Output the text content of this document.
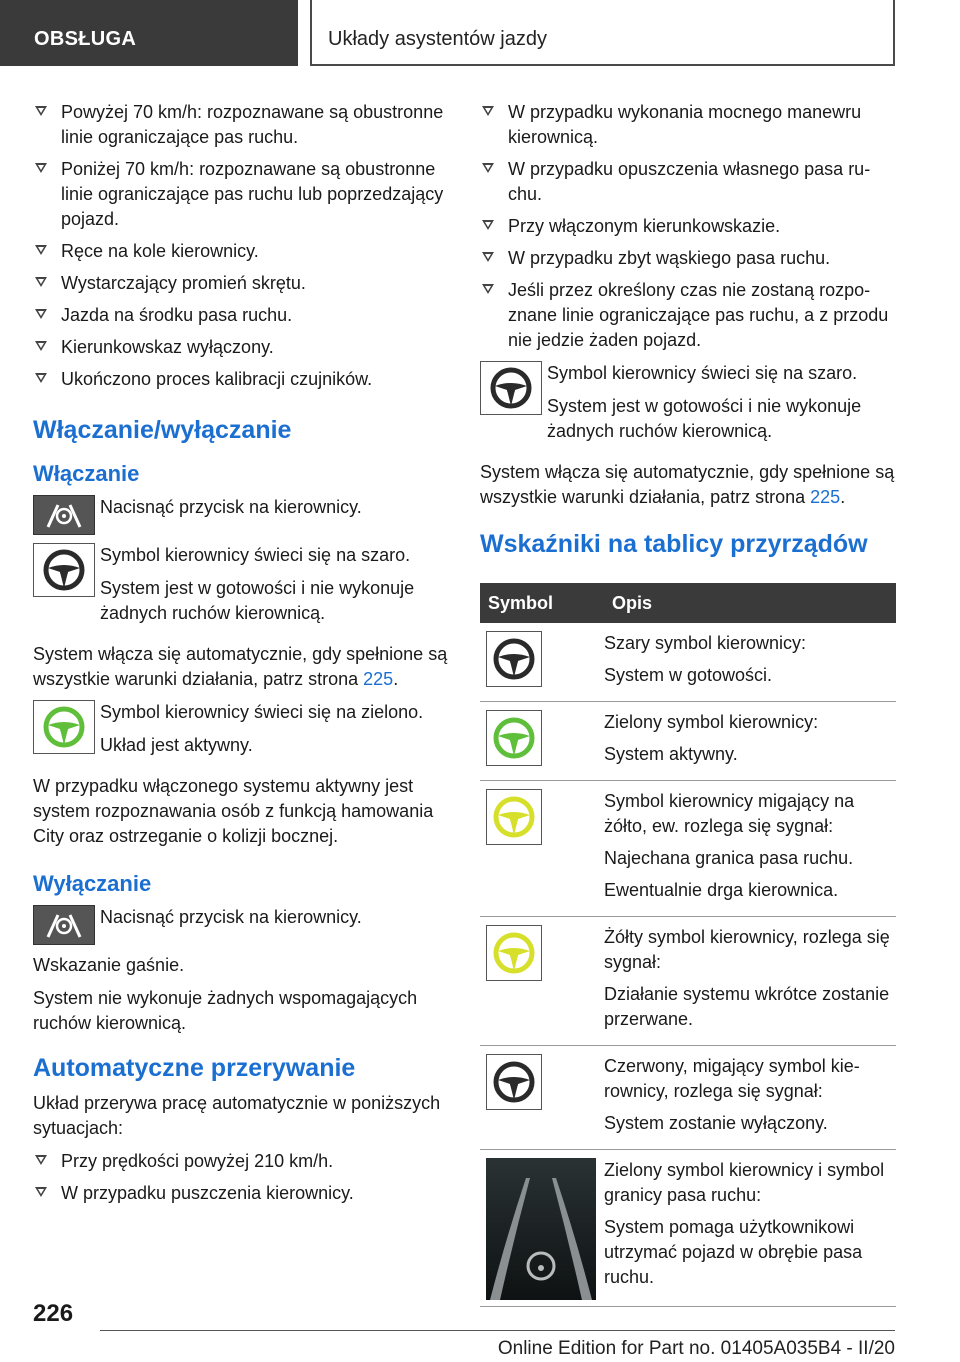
OBSŁUGA	Układy asystentów jazdy
Powyżej 70 km/h: rozpoznawane są obustronne linie ograniczające pas ruchu.
Poniżej 70 km/h: rozpoznawane są obustronne linie ograniczające pas ruchu lub poprzedzający pojazd.
Ręce na kole kierownicy.
Wystarczający promień skrętu.
Jazda na środku pasa ruchu.
Kierunkowskaz wyłączony.
Ukończono proces kalibracji czujników.
Włączanie/wyłączanie
Włączanie

Nacisnąć przycisk na kierownicy.

Symbol kierownicy świeci się na szaro.

System jest w gotowości i nie wykonuje żadnych ruchów kierownicą.

System włącza się automatycznie, gdy spełnione są wszystkie warunki działania, patrz strona 225.

Symbol kierownicy świeci się na zielono.

Układ jest aktywny.

W przypadku włączonego systemu aktywny jest system rozpoznawania osób z funkcją hamowania City oraz ostrzeganie o kolizji bocznej.

Wyłączanie

Nacisnąć przycisk na kierownicy.

Wskazanie gaśnie.

System nie wykonuje żadnych wspomagających ruchów kierownicą.

Automatyczne przerywanie

Układ przerywa pracę automatycznie w poniższych sytuacjach:

Przy prędkości powyżej 210 km/h.
W przypadku puszczenia kierownicy.
W przypadku wykonania mocnego manewru kierownicą.
W przypadku opuszczenia własnego pasa ruchu.
Przy włączonym kierunkowskazie.
W przypadku zbyt wąskiego pasa ruchu.
Jeśli przez określony czas nie zostaną rozpoznane linie ograniczające pas ruchu, a z przodu nie jedzie żaden pojazd.

Symbol kierownicy świeci się na szaro.

System jest w gotowości i nie wykonuje żadnych ruchów kierownicą.

System włącza się automatycznie, gdy spełnione są wszystkie warunki działania, patrz strona 225.

Wskaźniki na tablicy przyrządów
Symbol	Opis

Szary symbol kierownicy:

System w gotowości.

Zielony symbol kierownicy:

System aktywny.

Symbol kierownicy migający na żółto, ew. rozlega się sygnał:

Najechana granica pasa ruchu.

Ewentualnie drga kierownica.

Żółty symbol kierownicy, rozlega się sygnał:

Działanie systemu wkrótce zostanie przerwane.

Czerwony, migający symbol kierownicy, rozlega się sygnał:

System zostanie wyłączony.

Zielony symbol kierownicy i symbol granicy pasa ruchu:

System pomaga użytkownikowi utrzymać pojazd w obrębie pasa ruchu.

226
Online Edition for Part no. 01405A035B4 - II/20
